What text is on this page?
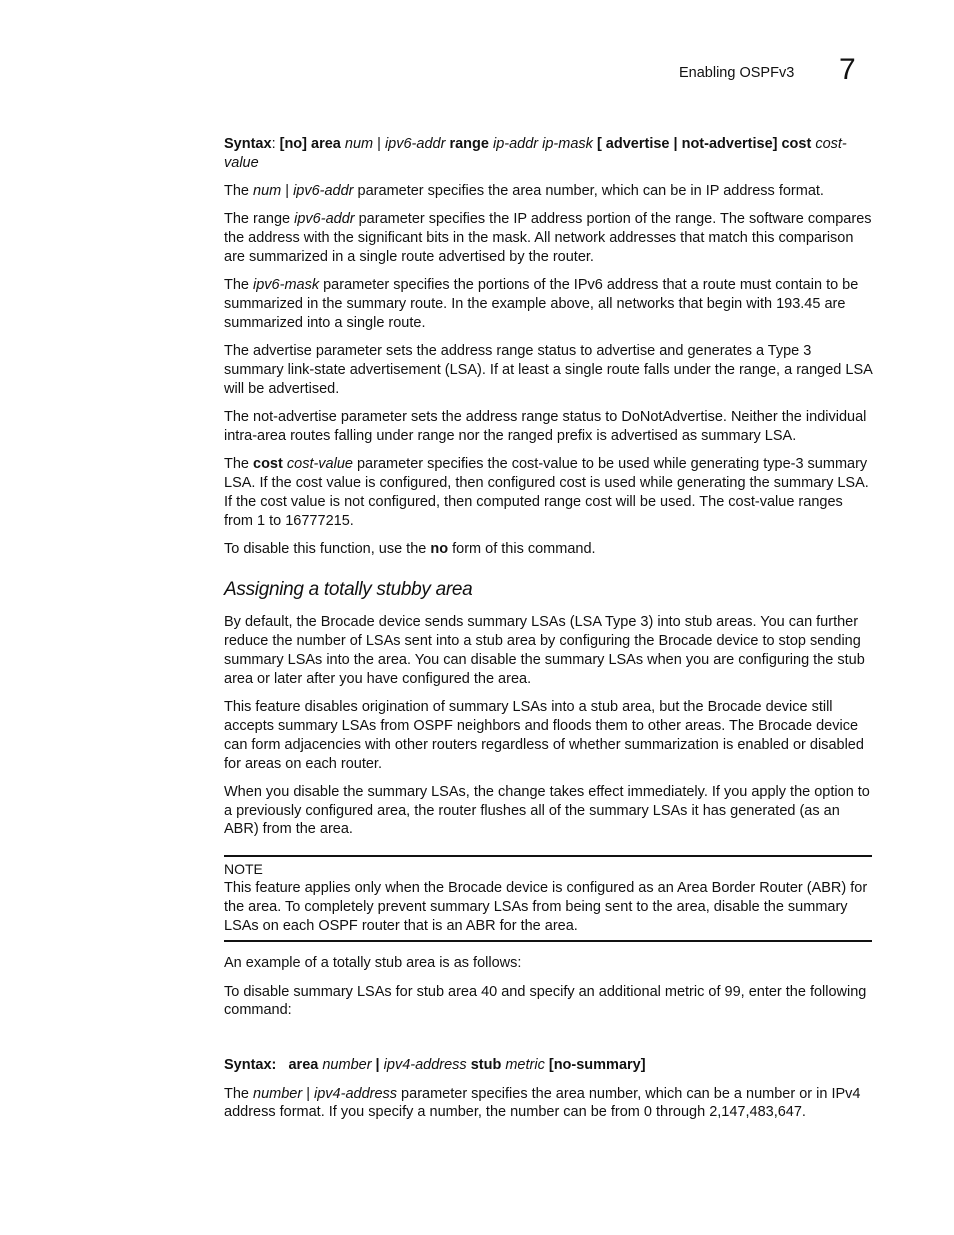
Enabling OSPFv3 7

Syntax: [no] area num | ipv6-addr range ip-addr ip-mask [ advertise | not-advertise] cost cost-value

The num | ipv6-addr parameter specifies the area number, which can be in IP address format.

The range ipv6-addr parameter specifies the IP address portion of the range. The software compares the address with the significant bits in the mask. All network addresses that match this comparison are summarized in a single route advertised by the router.

The ipv6-mask parameter specifies the portions of the IPv6 address that a route must contain to be summarized in the summary route. In the example above, all networks that begin with 193.45 are summarized into a single route.

The advertise parameter sets the address range status to advertise and generates a Type 3 summary link-state advertisement (LSA). If at least a single route falls under the range, a ranged LSA will be advertised.

The not-advertise parameter sets the address range status to DoNotAdvertise. Neither the individual intra-area routes falling under range nor the ranged prefix is advertised as summary LSA.

The cost cost-value parameter specifies the cost-value to be used while generating type-3 summary LSA. If the cost value is configured, then configured cost is used while generating the summary LSA. If the cost value is not configured, then computed range cost will be used. The cost-value ranges from 1 to 16777215.

To disable this function, use the no form of this command.

Assigning a totally stubby area

By default, the Brocade device sends summary LSAs (LSA Type 3) into stub areas. You can further reduce the number of LSAs sent into a stub area by configuring the Brocade device to stop sending summary LSAs into the area. You can disable the summary LSAs when you are configuring the stub area or later after you have configured the area.

This feature disables origination of summary LSAs into a stub area, but the Brocade device still accepts summary LSAs from OSPF neighbors and floods them to other areas. The Brocade device can form adjacencies with other routers regardless of whether summarization is enabled or disabled for areas on each router.

When you disable the summary LSAs, the change takes effect immediately. If you apply the option to a previously configured area, the router flushes all of the summary LSAs it has generated (as an ABR) from the area.

NOTE
This feature applies only when the Brocade device is configured as an Area Border Router (ABR) for the area. To completely prevent summary LSAs from being sent to the area, disable the summary LSAs on each OSPF router that is an ABR for the area.

An example of a totally stub area is as follows:

To disable summary LSAs for stub area 40 and specify an additional metric of 99, enter the following command:

Syntax: area number | ipv4-address stub metric [no-summary]

The number | ipv4-address parameter specifies the area number, which can be a number or in IPv4 address format. If you specify a number, the number can be from 0 through 2,147,483,647.
